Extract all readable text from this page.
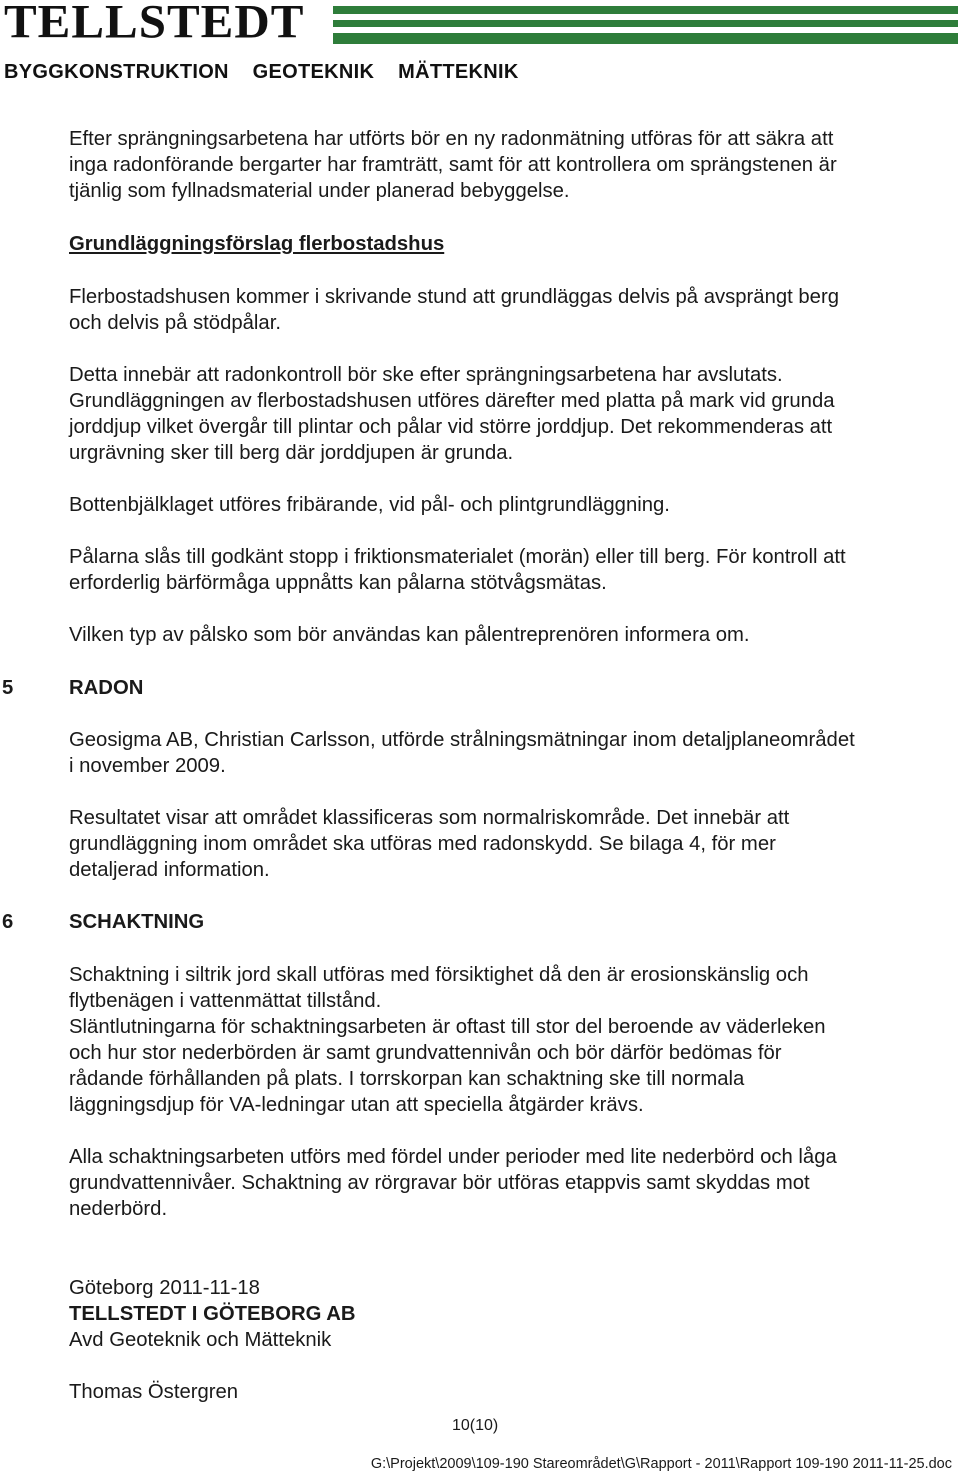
TELLSTEDT
BYGGKONSTRUKTION GEOTEKNIK MÄTTEKNIK
Efter sprängningsarbetena har utförts bör en ny radonmätning utföras för att säkra att
inga radonförande bergarter har framträtt, samt för att kontrollera om sprängstenen är
tjänlig som fyllnadsmaterial under planerad bebyggelse.
Grundläggningsförslag flerbostadshus
Flerbostadshusen kommer i skrivande stund att grundläggas delvis på avsprängt berg
och delvis på stödpålar.
Detta innebär att radonkontroll bör ske efter sprängningsarbetena har avslutats.
Grundläggningen av flerbostadshusen utföres därefter med platta på mark vid grunda
jorddjup vilket övergår till plintar och pålar vid större jorddjup. Det rekommenderas att
urgrävning sker till berg där jorddjupen är grunda.
Bottenbjälklaget utföres fribärande, vid pål- och plintgrundläggning.
Pålarna slås till godkänt stopp i friktionsmaterialet (morän) eller till berg. För kontroll att
erforderlig bärförmåga uppnåtts kan pålarna stötvågsmätas.
Vilken typ av pålsko som bör användas kan pålentreprenören informera om.
5	RADON
Geosigma AB, Christian Carlsson, utförde strålningsmätningar inom detaljplaneområdet
i november 2009.
Resultatet visar att området klassificeras som normalriskområde. Det innebär att
grundläggning inom området ska utföras med radonskydd. Se bilaga 4, för mer
detaljerad information.
6	SCHAKTNING
Schaktning i siltrik jord skall utföras med försiktighet då den är erosionskänslig och
flytbenägen i vattenmättat tillstånd.
Släntlutningarna för schaktningsarbeten är oftast till stor del beroende av väderleken
och hur stor nederbörden är samt grundvattennivån och bör därför bedömas för
rådande förhållanden på plats. I torrskorpan kan schaktning ske till normala
läggningsdjup för VA-ledningar utan att speciella åtgärder krävs.
Alla schaktningsarbeten utförs med fördel under perioder med lite nederbörd och låga
grundvattennivåer. Schaktning av rörgravar bör utföras etappvis samt skyddas mot
nederbörd.
Göteborg 2011-11-18
TELLSTEDT I GÖTEBORG AB
Avd Geoteknik och Mätteknik
Thomas Östergren
10(10)
G:\Projekt\2009\109-190 Stareområdet\G\Rapport - 2011\Rapport 109-190 2011-11-25.doc
